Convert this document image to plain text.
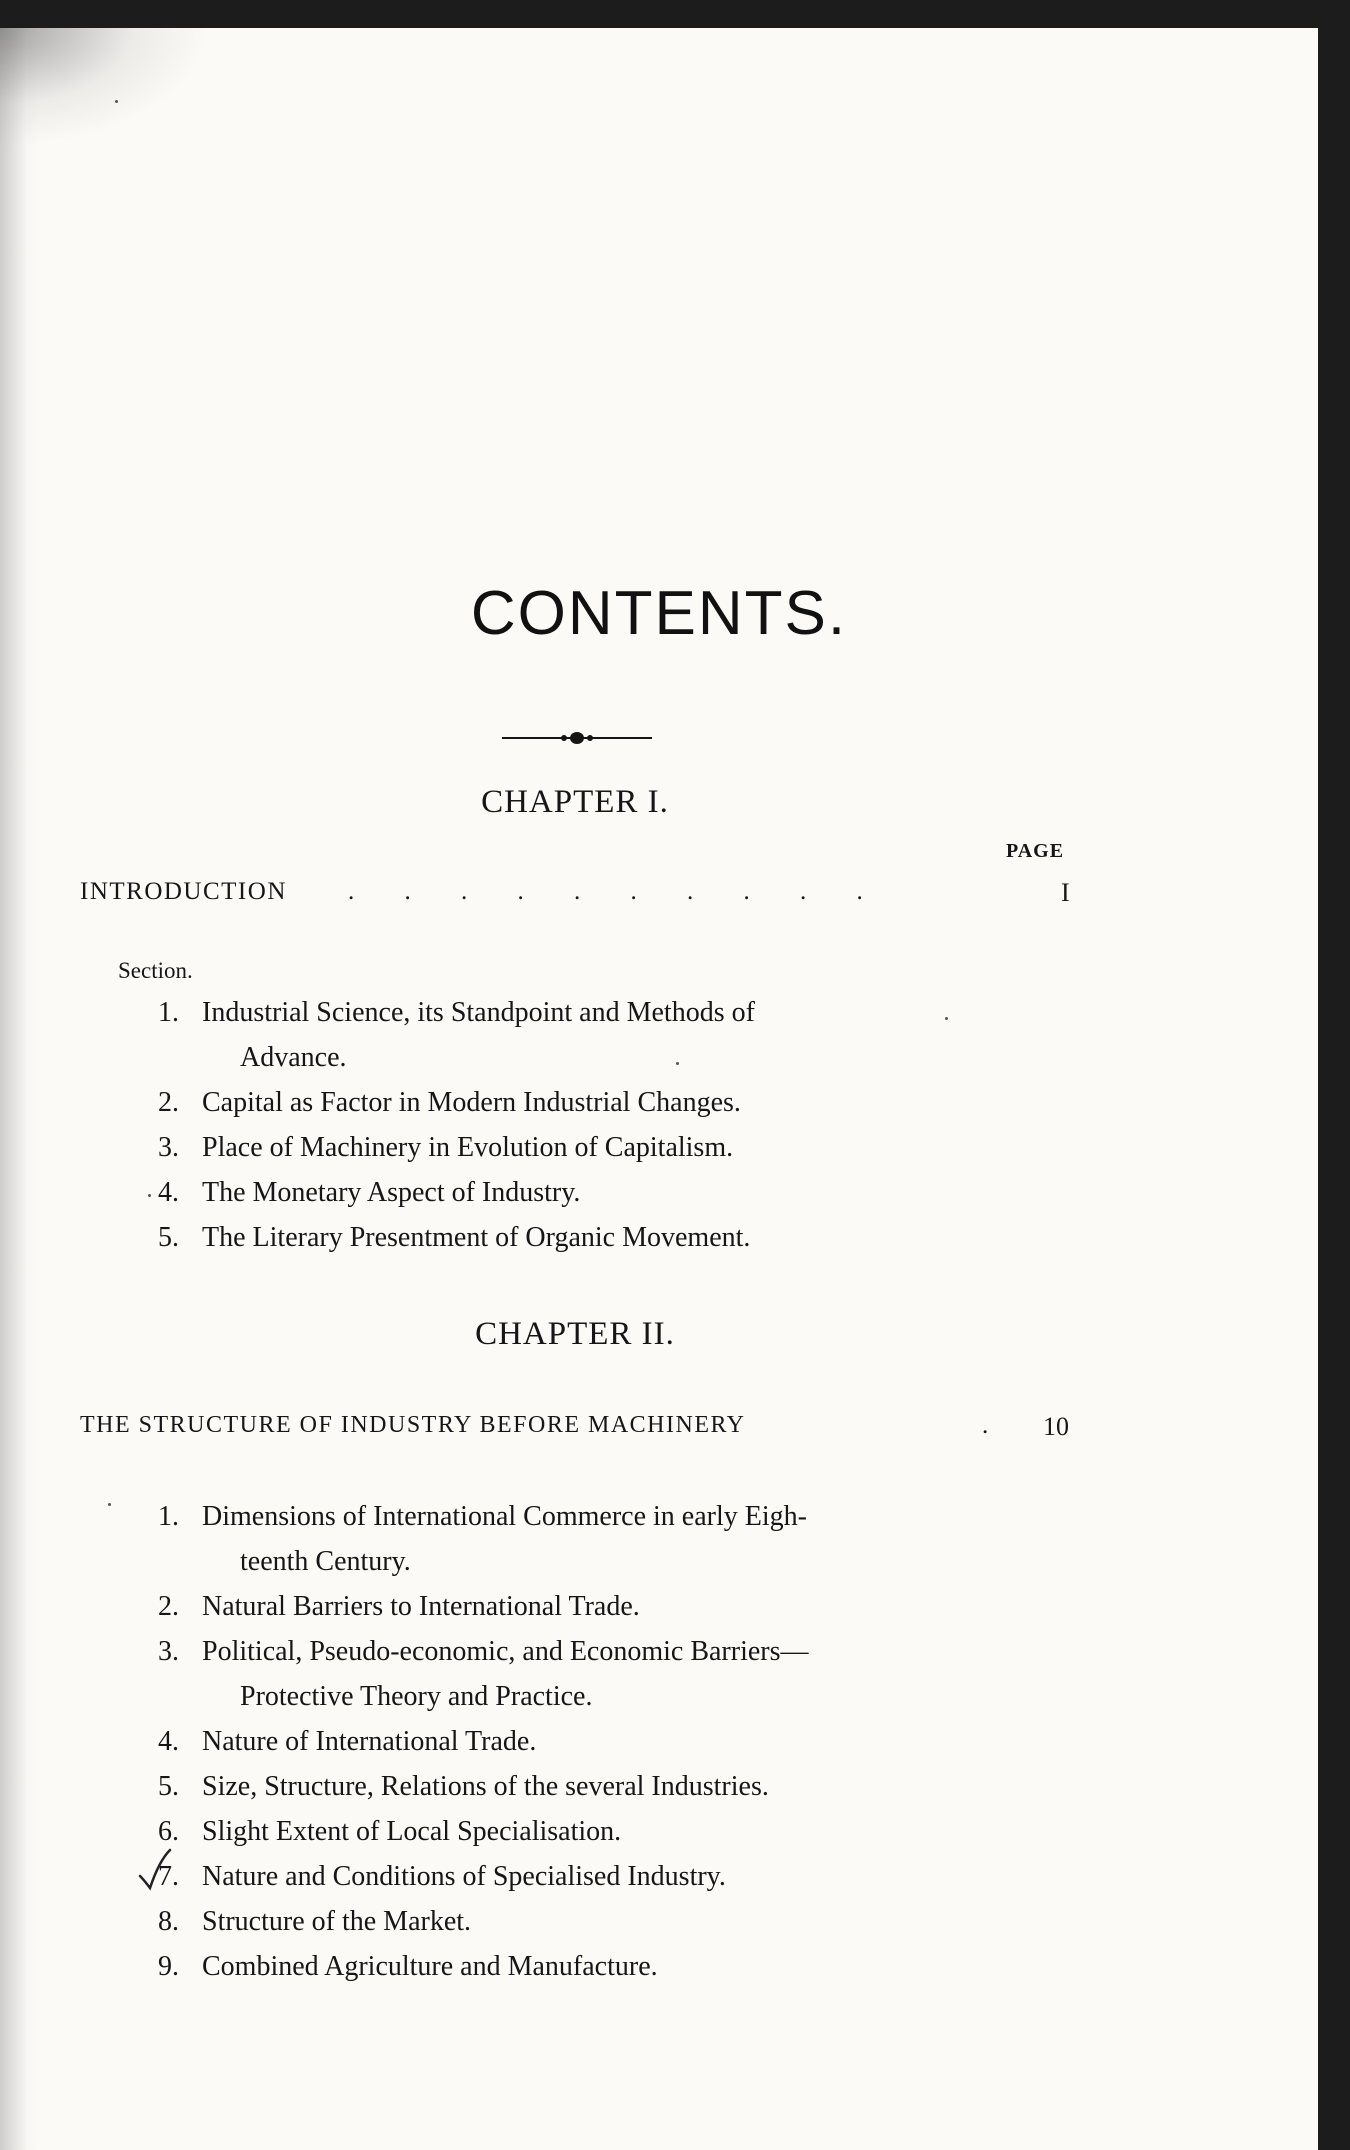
CONTENTS.
CHAPTER I.
PAGE
INTRODUCTION . . . . . . . . . .	I
Section.
1. Industrial Science, its Standpoint and Methods of
Advance.
2. Capital as Factor in Modern Industrial Changes.
3. Place of Machinery in Evolution of Capitalism.
4. The Monetary Aspect of Industry.
5. The Literary Presentment of Organic Movement.
CHAPTER II.
THE STRUCTURE OF INDUSTRY BEFORE MACHINERY	. 10
1. Dimensions of International Commerce in early Eigh-
teenth Century.
2. Natural Barriers to International Trade.
3. Political, Pseudo-economic, and Economic Barriers—
Protective Theory and Practice.
4. Nature of International Trade.
5. Size, Structure, Relations of the several Industries.
6. Slight Extent of Local Specialisation.
7. Nature and Conditions of Specialised Industry.
8. Structure of the Market.
9. Combined Agriculture and Manufacture.
